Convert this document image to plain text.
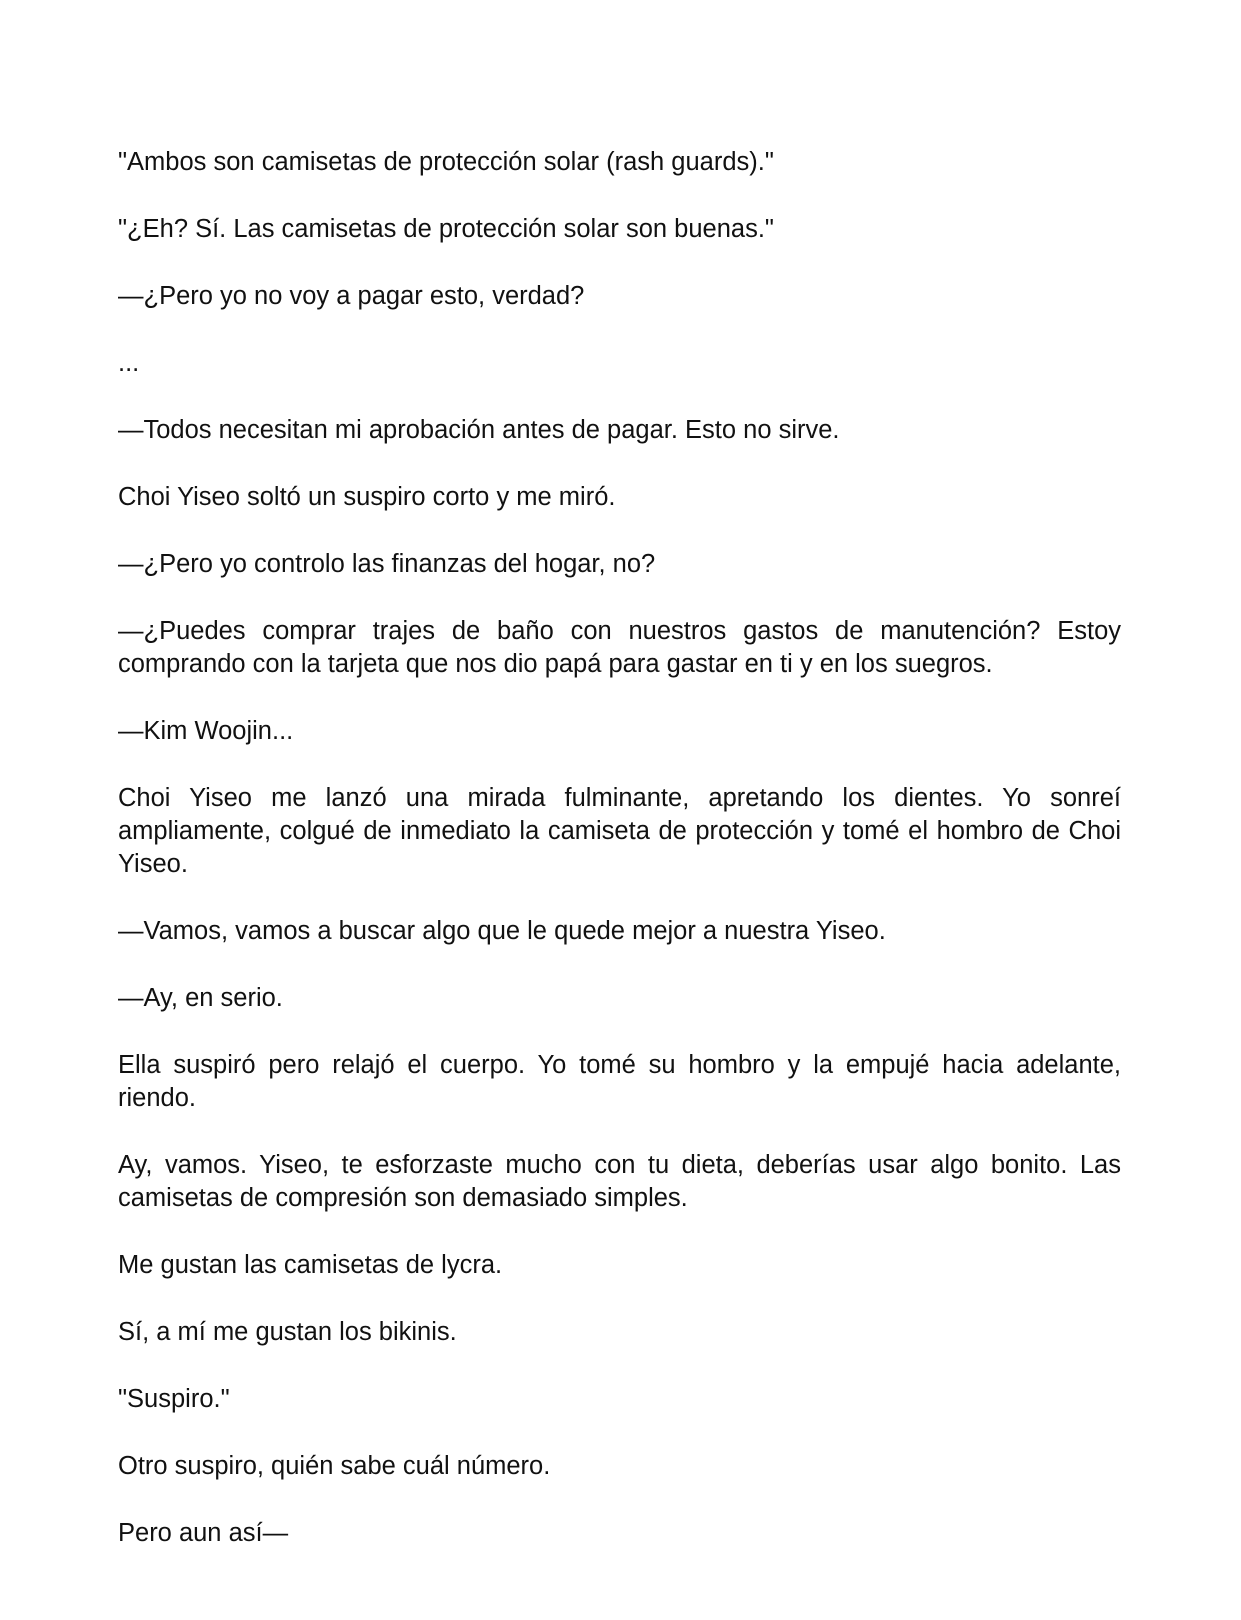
"Ambos son camisetas de protección solar (rash guards)."

"¿Eh? Sí. Las camisetas de protección solar son buenas."

—¿Pero yo no voy a pagar esto, verdad?

...

—Todos necesitan mi aprobación antes de pagar. Esto no sirve.

Choi Yiseo soltó un suspiro corto y me miró.

—¿Pero yo controlo las finanzas del hogar, no?

—¿Puedes comprar trajes de baño con nuestros gastos de manutención? Estoy comprando con la tarjeta que nos dio papá para gastar en ti y en los suegros.

—Kim Woojin...

Choi Yiseo me lanzó una mirada fulminante, apretando los dientes. Yo sonreí ampliamente, colgué de inmediato la camiseta de protección y tomé el hombro de Choi Yiseo.

—Vamos, vamos a buscar algo que le quede mejor a nuestra Yiseo.

—Ay, en serio.

Ella suspiró pero relajó el cuerpo. Yo tomé su hombro y la empujé hacia adelante, riendo.

Ay, vamos. Yiseo, te esforzaste mucho con tu dieta, deberías usar algo bonito. Las camisetas de compresión son demasiado simples.

Me gustan las camisetas de lycra.

Sí, a mí me gustan los bikinis.

"Suspiro."

Otro suspiro, quién sabe cuál número.

Pero aun así—
